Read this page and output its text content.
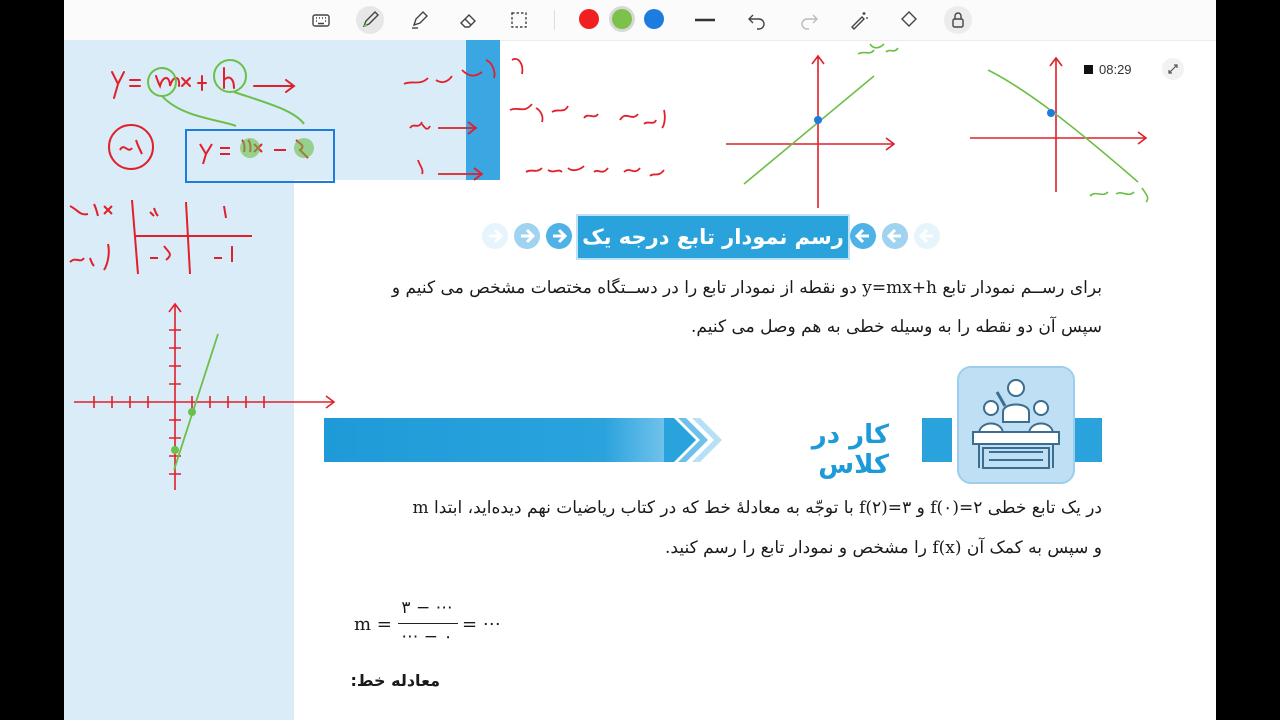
08:29
رسم نمودار تابع درجه یک
برای رســم نمودار تابع y=mx+h دو نقطه از نمودار تابع را در دســتگاه مختصات مشخص می کنیم و
سپس آن دو نقطه را به وسیله خطی به هم وصل می کنیم.
کار در کلاس
در یک تابع خطی ۲=(۰)f و ۳=(۲)f با توجّه به معادلهٔ خط که در کتاب ریاضیات نهم دیده‌اید، ابتدا m
و سپس به کمک آن f(x) را مشخص و نمودار تابع را رسم کنید.
m =
۳ − ⋯
⋯ − ۰
= ⋯
معادله خط:
